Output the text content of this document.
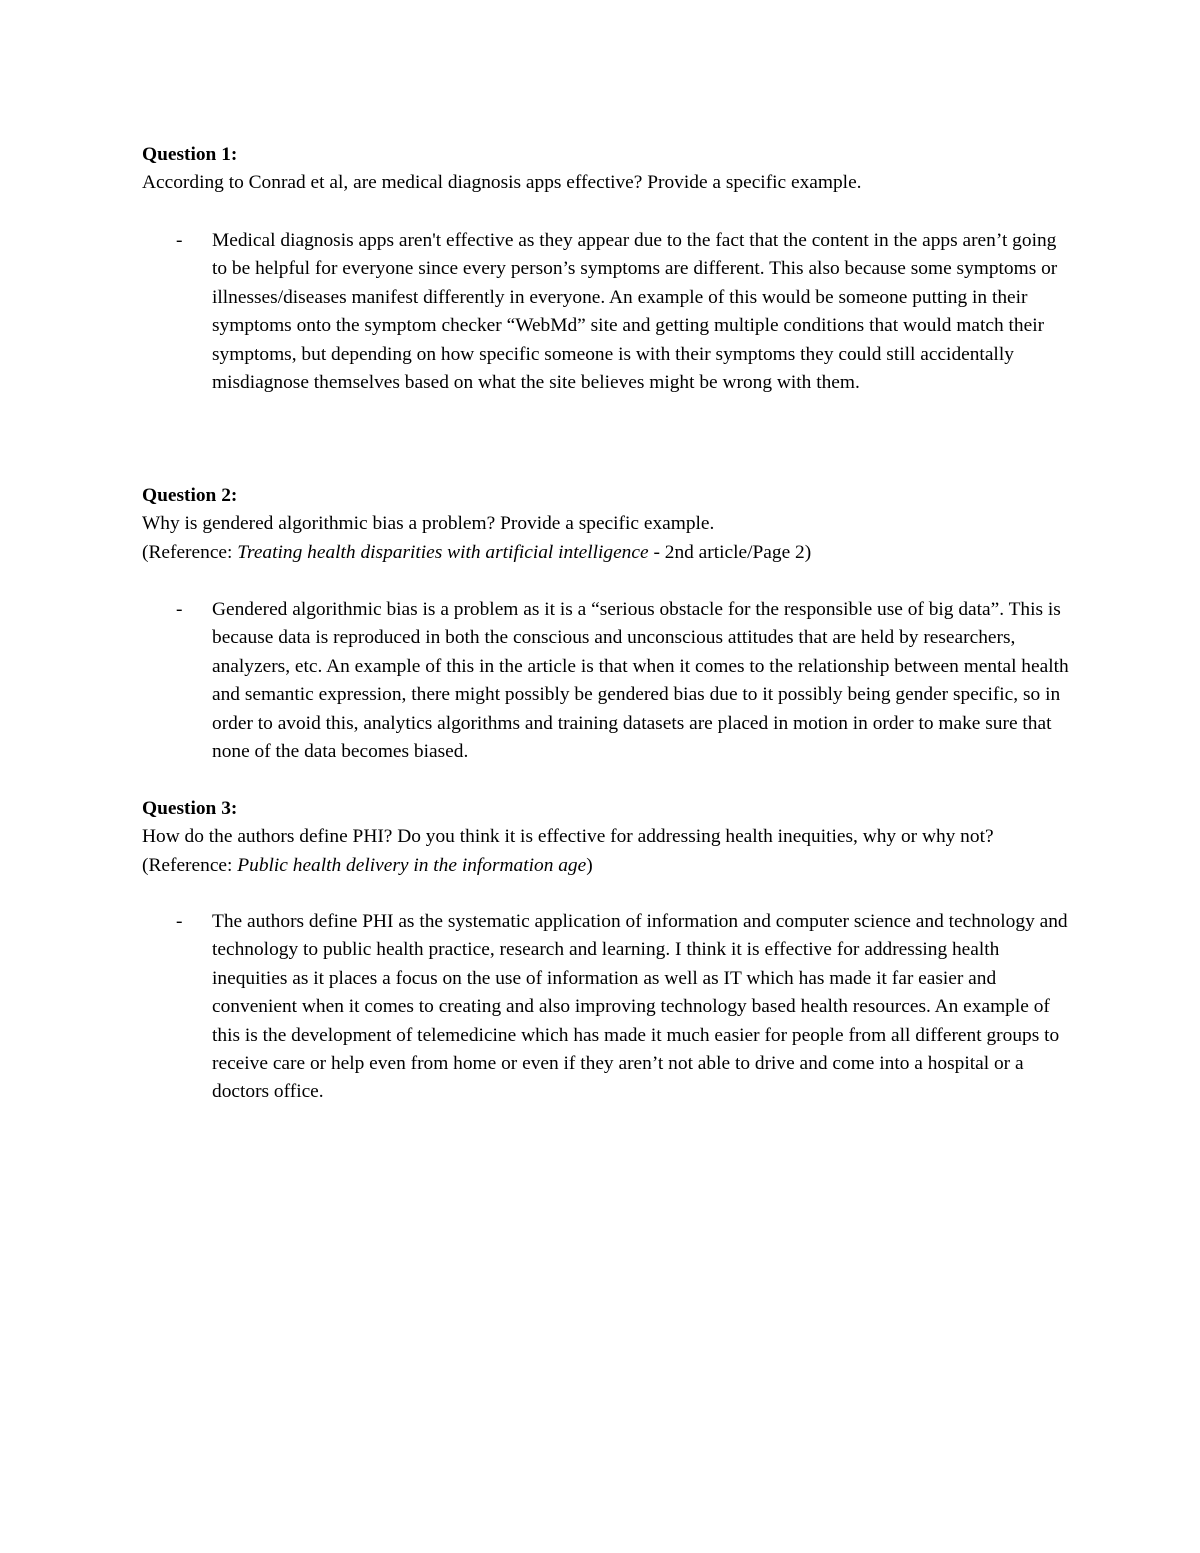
Question 1:

According to Conrad et al, are medical diagnosis apps effective? Provide a specific example.

- Medical diagnosis apps aren't effective as they appear due to the fact that the content in the apps aren’t going to be helpful for everyone since every person’s symptoms are different. This also because some symptoms or illnesses/diseases manifest differently in everyone. An example of this would be someone putting in their symptoms onto the symptom checker “WebMd” site and getting multiple conditions that would match their symptoms, but depending on how specific someone is with their symptoms they could still accidentally misdiagnose themselves based on what the site believes might be wrong with them.

Question 2:

Why is gendered algorithmic bias a problem? Provide a specific example.

(Reference: Treating health disparities with artificial intelligence - 2nd article/Page 2)

- Gendered algorithmic bias is a problem as it is a “serious obstacle for the responsible use of big data”. This is because data is reproduced in both the conscious and unconscious attitudes that are held by researchers, analyzers, etc. An example of this in the article is that when it comes to the relationship between mental health and semantic expression, there might possibly be gendered bias due to it possibly being gender specific, so in order to avoid this, analytics algorithms and training datasets are placed in motion in order to make sure that none of the data becomes biased.

Question 3:

How do the authors define PHI? Do you think it is effective for addressing health inequities, why or why not? (Reference: Public health delivery in the information age)

- The authors define PHI as the systematic application of information and computer science and technology and technology to public health practice, research and learning. I think it is effective for addressing health inequities as it places a focus on the use of information as well as IT which has made it far easier and convenient when it comes to creating and also improving technology based health resources. An example of this is the development of telemedicine which has made it much easier for people from all different groups to receive care or help even from home or even if they aren’t not able to drive and come into a hospital or a doctors office.
